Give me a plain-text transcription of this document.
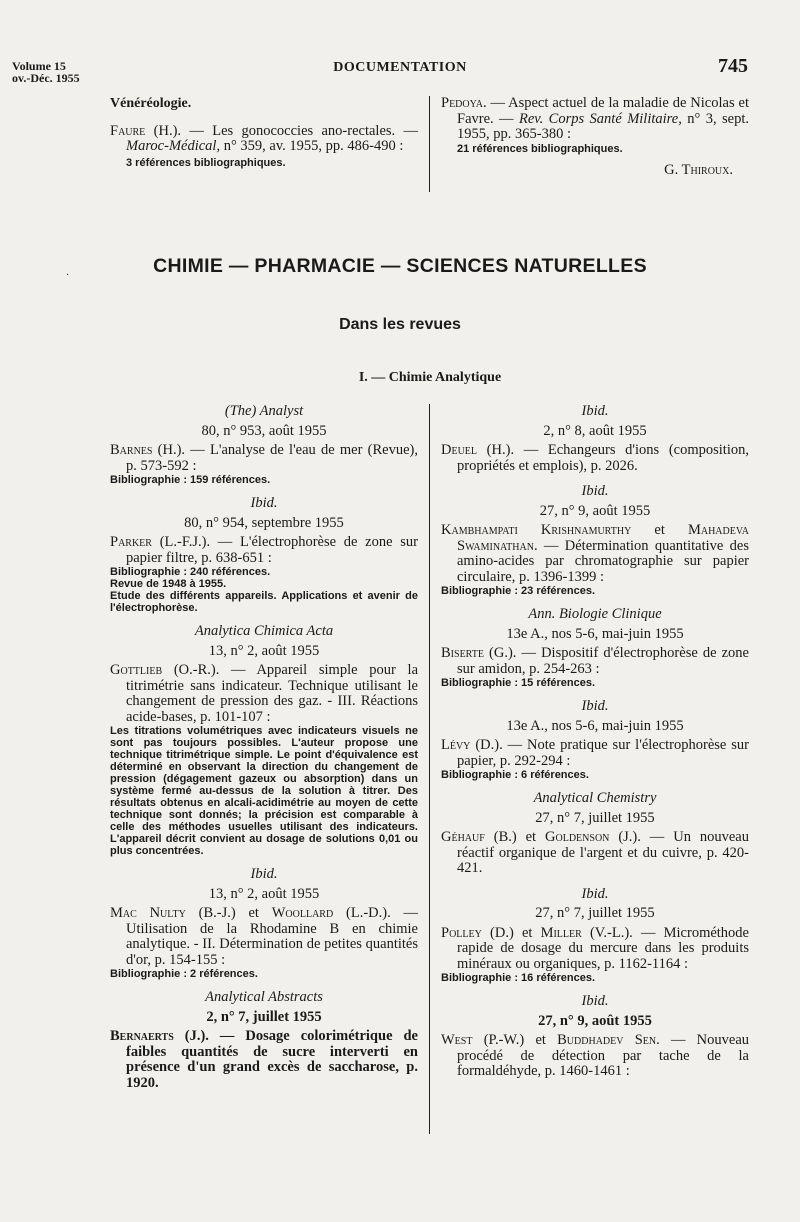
Volume 15
ov.-Déc. 1955
DOCUMENTATION	745
Vénéréologie.
Faure (H.). — Les gonococcies ano-rectales. — Maroc-Médical, n° 359, av. 1955, pp. 486-490 :
3 références bibliographiques.
Pedoya. — Aspect actuel de la maladie de Nicolas et Favre. — Rev. Corps Santé Militaire, n° 3, sept. 1955, pp. 365-380 :
21 références bibliographiques.
G. Thiroux.
·	CHIMIE — PHARMACIE — SCIENCES NATURELLES
Dans les revues
I. — Chimie Analytique
(The) Analyst
80, n° 953, août 1955
Barnes (H.). — L'analyse de l'eau de mer (Revue), p. 573-592 :
Bibliographie : 159 références.
Ibid.
80, n° 954, septembre 1955
Parker (L.-F.J.). — L'électrophorèse de zone sur papier filtre, p. 638-651 :
Bibliographie : 240 références.
Revue de 1948 à 1955.
Etude des différents appareils. Applications et avenir de l'électrophorèse.
Analytica Chimica Acta
13, n° 2, août 1955
Gottlieb (O.-R.). — Appareil simple pour la titrimétrie sans indicateur. Technique utilisant le changement de pression des gaz. - III. Réactions acide-bases, p. 101-107 :
Les titrations volumétriques avec indicateurs visuels ne sont pas toujours possibles. L'auteur propose une technique titrimétrique simple. Le point d'équivalence est déterminé en observant la direction du changement de pression (dégagement gazeux ou absorption) dans un système fermé au-dessus de la solution à titrer. Des résultats obtenus en alcali-acidimétrie au moyen de cette technique sont donnés; la précision est comparable à celle des méthodes usuelles utilisant des indicateurs. L'appareil décrit convient au dosage de solutions 0,01 ou plus concentrées.
Ibid.
13, n° 2, août 1955
Mac Nulty (B.-J.) et Woollard (L.-D.). — Utilisation de la Rhodamine B en chimie analytique. - II. Détermination de petites quantités d'or, p. 154-155 :
Bibliographie : 2 références.
Analytical Abstracts
2, n° 7, juillet 1955
Bernaerts (J.). — Dosage colorimétrique de faibles quantités de sucre interverti en présence d'un grand excès de saccharose, p. 1920.
Ibid.
2, n° 8, août 1955
Deuel (H.). — Echangeurs d'ions (composition, propriétés et emplois), p. 2026.
Ibid.
27, n° 9, août 1955
Kambhampati Krishnamurthy et Mahadeva Swaminathan. — Détermination quantitative des amino-acides par chromatographie sur papier circulaire, p. 1396-1399 :
Bibliographie : 23 références.
Ann. Biologie Clinique
13e A., nos 5-6, mai-juin 1955
Biserte (G.). — Dispositif d'électrophorèse de zone sur amidon, p. 254-263 :
Bibliographie : 15 références.
Ibid.
13e A., nos 5-6, mai-juin 1955
Lévy (D.). — Note pratique sur l'électrophorèse sur papier, p. 292-294 :
Bibliographie : 6 références.
Analytical Chemistry
27, n° 7, juillet 1955
Géhauf (B.) et Goldenson (J.). — Un nouveau réactif organique de l'argent et du cuivre, p. 420-421.
Ibid.
27, n° 7, juillet 1955
Polley (D.) et Miller (V.-L.). — Microméthode rapide de dosage du mercure dans les produits minéraux ou organiques, p. 1162-1164 :
Bibliographie : 16 références.
Ibid.
27, n° 9, août 1955
West (P.-W.) et Buddhadev Sen. — Nouveau procédé de détection par tache de la formaldéhyde, p. 1460-1461 :
